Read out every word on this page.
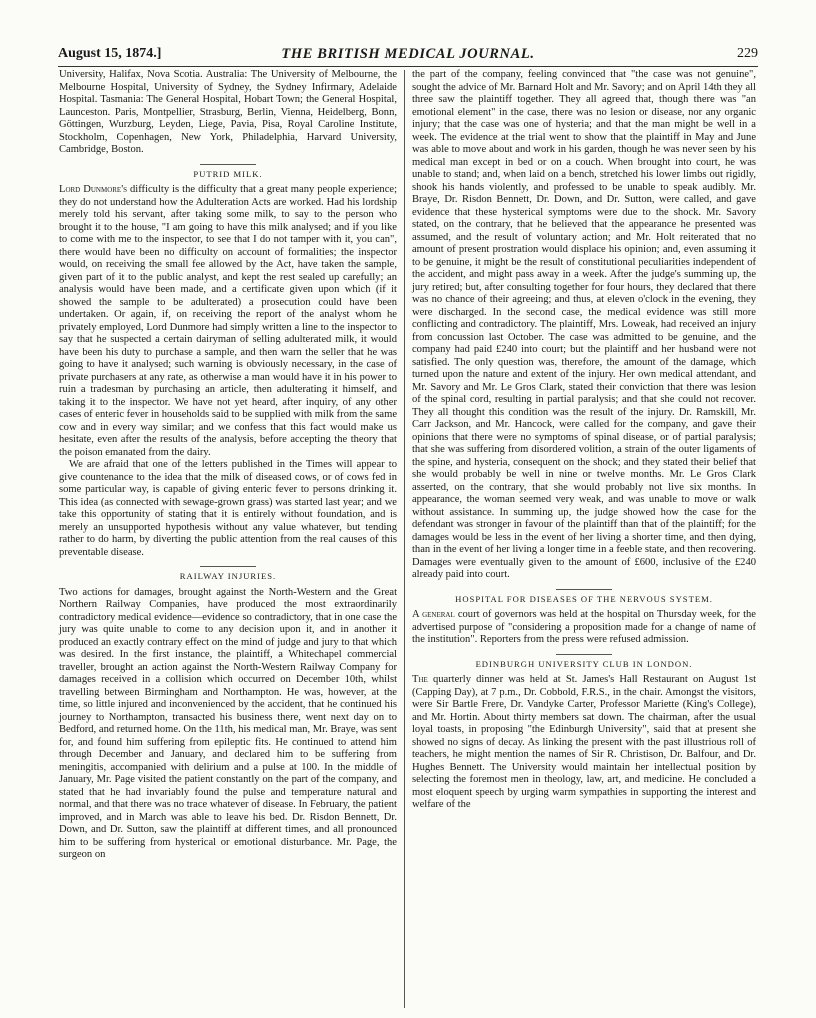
August 15, 1874.]	THE BRITISH MEDICAL JOURNAL.	229

University, Halifax, Nova Scotia. Australia: The University of Melbourne, the Melbourne Hospital, University of Sydney, the Sydney Infirmary, Adelaide Hospital. Tasmania: The General Hospital, Hobart Town; the General Hospital, Launceston. Paris, Montpellier, Strasburg, Berlin, Vienna, Heidelberg, Bonn, Göttingen, Wurzburg, Leyden, Liege, Pavia, Pisa, Royal Caroline Institute, Stockholm, Copenhagen, New York, Philadelphia, Harvard University, Cambridge, Boston.

PUTRID MILK.

Lord Dunmore's difficulty is the difficulty that a great many people experience; they do not understand how the Adulteration Acts are worked. Had his lordship merely told his servant, after taking some milk, to say to the person who brought it to the house, "I am going to have this milk analysed; and if you like to come with me to the inspector, to see that I do not tamper with it, you can", there would have been no difficulty on account of formalities; the inspector would, on receiving the small fee allowed by the Act, have taken the sample, given part of it to the public analyst, and kept the rest sealed up carefully; an analysis would have been made, and a certificate given upon which (if it showed the sample to be adulterated) a prosecution could have been undertaken. Or again, if, on receiving the report of the analyst whom he privately employed, Lord Dunmore had simply written a line to the inspector to say that he suspected a certain dairyman of selling adulterated milk, it would have been his duty to purchase a sample, and then warn the seller that he was going to have it analysed; such warning is obviously necessary, in the case of private purchasers at any rate, as otherwise a man would have it in his power to ruin a tradesman by purchasing an article, then adulterating it himself, and taking it to the inspector. We have not yet heard, after inquiry, of any other cases of enteric fever in households said to be supplied with milk from the same cow and in every way similar; and we confess that this fact would make us hesitate, even after the results of the analysis, before accepting the theory that the poison emanated from the dairy.

We are afraid that one of the letters published in the Times will appear to give countenance to the idea that the milk of diseased cows, or of cows fed in some particular way, is capable of giving enteric fever to persons drinking it. This idea (as connected with sewage-grown grass) was started last year; and we take this opportunity of stating that it is entirely without foundation, and is merely an unsupported hypothesis without any value whatever, but tending rather to do harm, by diverting the public attention from the real causes of this preventable disease.

RAILWAY INJURIES.

Two actions for damages, brought against the North-Western and the Great Northern Railway Companies, have produced the most extraordinarily contradictory medical evidence—evidence so contradictory, that in one case the jury was quite unable to come to any decision upon it, and in another it produced an exactly contrary effect on the mind of judge and jury to that which was desired. In the first instance, the plaintiff, a Whitechapel commercial traveller, brought an action against the North-Western Railway Company for damages received in a collision which occurred on December 10th, whilst travelling between Birmingham and Northampton. He was, however, at the time, so little injured and inconvenienced by the accident, that he continued his journey to Northampton, transacted his business there, went next day on to Bedford, and returned home. On the 11th, his medical man, Mr. Braye, was sent for, and found him suffering from epileptic fits. He continued to attend him through December and January, and declared him to be suffering from meningitis, accompanied with delirium and a pulse at 100. In the middle of January, Mr. Page visited the patient constantly on the part of the company, and stated that he had invariably found the pulse and temperature natural and normal, and that there was no trace whatever of disease. In February, the patient improved, and in March was able to leave his bed. Dr. Risdon Bennett, Dr. Down, and Dr. Sutton, saw the plaintiff at different times, and all pronounced him to be suffering from hysterical or emotional disturbance. Mr. Page, the surgeon on

the part of the company, feeling convinced that "the case was not genuine", sought the advice of Mr. Barnard Holt and Mr. Savory; and on April 14th they all three saw the plaintiff together. They all agreed that, though there was "an emotional element" in the case, there was no lesion or disease, nor any organic injury; that the case was one of hysteria; and that the man might be well in a week. The evidence at the trial went to show that the plaintiff in May and June was able to move about and work in his garden, though he was never seen by his medical man except in bed or on a couch. When brought into court, he was unable to stand; and, when laid on a bench, stretched his lower limbs out rigidly, shook his hands violently, and professed to be unable to speak audibly. Mr. Braye, Dr. Risdon Bennett, Dr. Down, and Dr. Sutton, were called, and gave evidence that these hysterical symptoms were due to the shock. Mr. Savory stated, on the contrary, that he believed that the appearance he presented was assumed, and the result of voluntary action; and Mr. Holt reiterated that no amount of present prostration would displace his opinion; and, even assuming it to be genuine, it might be the result of constitutional peculiarities independent of the accident, and might pass away in a week. After the judge's summing up, the jury retired; but, after consulting together for four hours, they declared that there was no chance of their agreeing; and thus, at eleven o'clock in the evening, they were discharged. In the second case, the medical evidence was still more conflicting and contradictory. The plaintiff, Mrs. Loweak, had received an injury from concussion last October. The case was admitted to be genuine, and the company had paid £240 into court; but the plaintiff and her husband were not satisfied. The only question was, therefore, the amount of the damage, which turned upon the nature and extent of the injury. Her own medical attendant, and Mr. Savory and Mr. Le Gros Clark, stated their conviction that there was lesion of the spinal cord, resulting in partial paralysis; and that she could not recover. They all thought this condition was the result of the injury. Dr. Ramskill, Mr. Carr Jackson, and Mr. Hancock, were called for the company, and gave their opinions that there were no symptoms of spinal disease, or of partial paralysis; that she was suffering from disordered volition, a strain of the outer ligaments of the spine, and hysteria, consequent on the shock; and they stated their belief that she would probably be well in nine or twelve months. Mr. Le Gros Clark asserted, on the contrary, that she would probably not live six months. In appearance, the woman seemed very weak, and was unable to move or walk without assistance. In summing up, the judge showed how the case for the defendant was stronger in favour of the plaintiff than that of the plaintiff; for the damages would be less in the event of her living a shorter time, and then dying, than in the event of her living a longer time in a feeble state, and then recovering. Damages were eventually given to the amount of £600, inclusive of the £240 already paid into court.

HOSPITAL FOR DISEASES OF THE NERVOUS SYSTEM.

A general court of governors was held at the hospital on Thursday week, for the advertised purpose of "considering a proposition made for a change of name of the institution". Reporters from the press were refused admission.

EDINBURGH UNIVERSITY CLUB IN LONDON.

The quarterly dinner was held at St. James's Hall Restaurant on August 1st (Capping Day), at 7 p.m., Dr. Cobbold, F.R.S., in the chair. Amongst the visitors, were Sir Bartle Frere, Dr. Vandyke Carter, Professor Mariette (King's College), and Mr. Hortin. About thirty members sat down. The chairman, after the usual loyal toasts, in proposing "the Edinburgh University", said that at present she showed no signs of decay. As linking the present with the past illustrious roll of teachers, he might mention the names of Sir R. Christison, Dr. Balfour, and Dr. Hughes Bennett. The University would maintain her intellectual position by selecting the foremost men in theology, law, art, and medicine. He concluded a most eloquent speech by urging warm sympathies in supporting the interest and welfare of the
